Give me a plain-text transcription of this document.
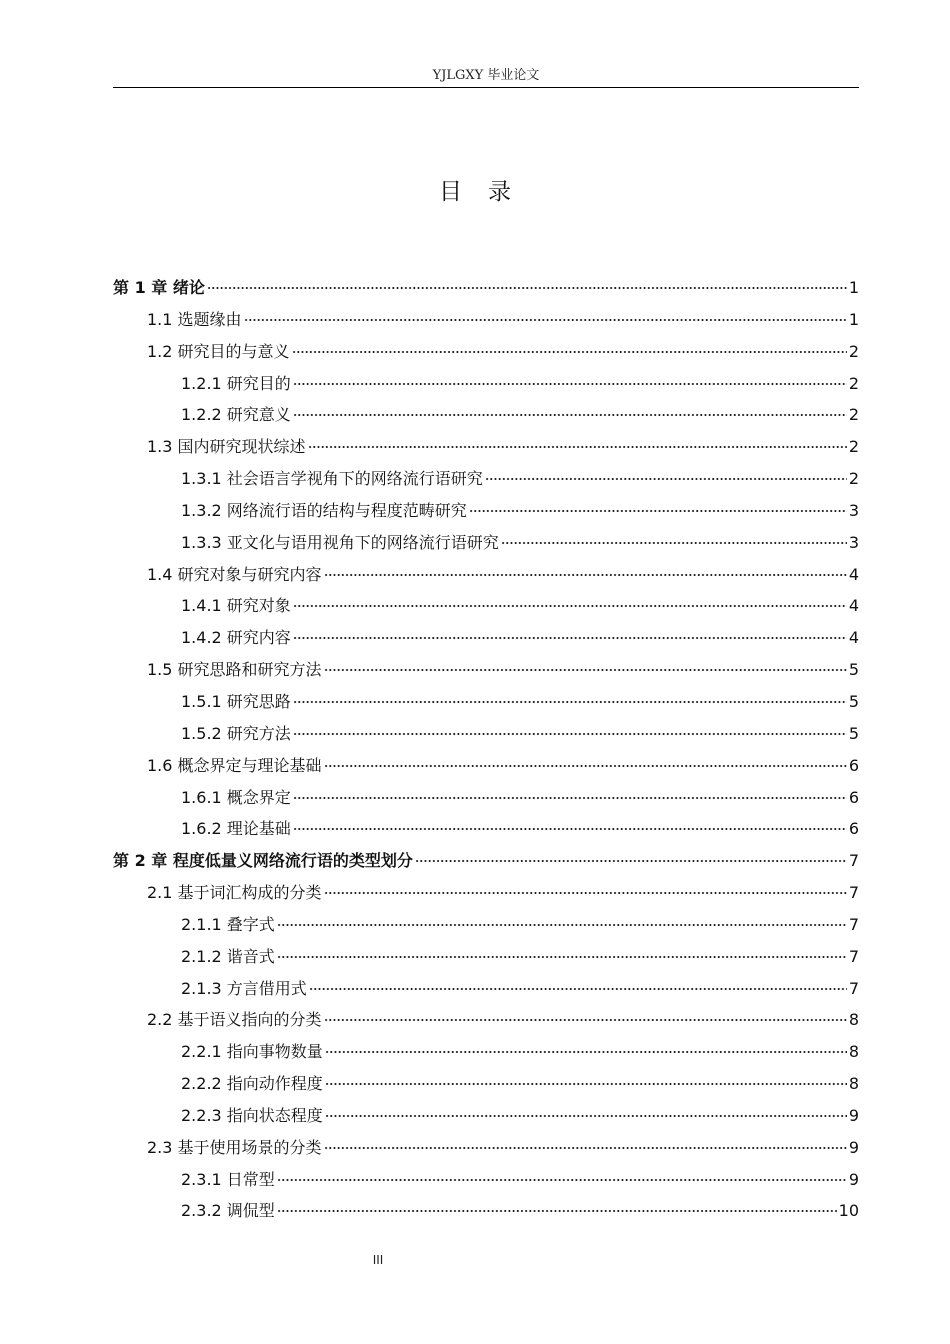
YJLGXY 毕业论文
目录
第 1 章 绪论	1
1.1 选题缘由	1
1.2 研究目的与意义	2
1.2.1 研究目的	2
1.2.2 研究意义	2
1.3 国内研究现状综述	2
1.3.1 社会语言学视角下的网络流行语研究	2
1.3.2 网络流行语的结构与程度范畴研究	3
1.3.3 亚文化与语用视角下的网络流行语研究	3
1.4 研究对象与研究内容	4
1.4.1 研究对象	4
1.4.2 研究内容	4
1.5 研究思路和研究方法	5
1.5.1 研究思路	5
1.5.2 研究方法	5
1.6 概念界定与理论基础	6
1.6.1 概念界定	6
1.6.2 理论基础	6
第 2 章 程度低量义网络流行语的类型划分	7
2.1 基于词汇构成的分类	7
2.1.1 叠字式	7
2.1.2 谐音式	7
2.1.3 方言借用式	7
2.2 基于语义指向的分类	8
2.2.1 指向事物数量	8
2.2.2 指向动作程度	8
2.2.3 指向状态程度	9
2.3 基于使用场景的分类	9
2.3.1 日常型	9
2.3.2 调侃型	10
III
